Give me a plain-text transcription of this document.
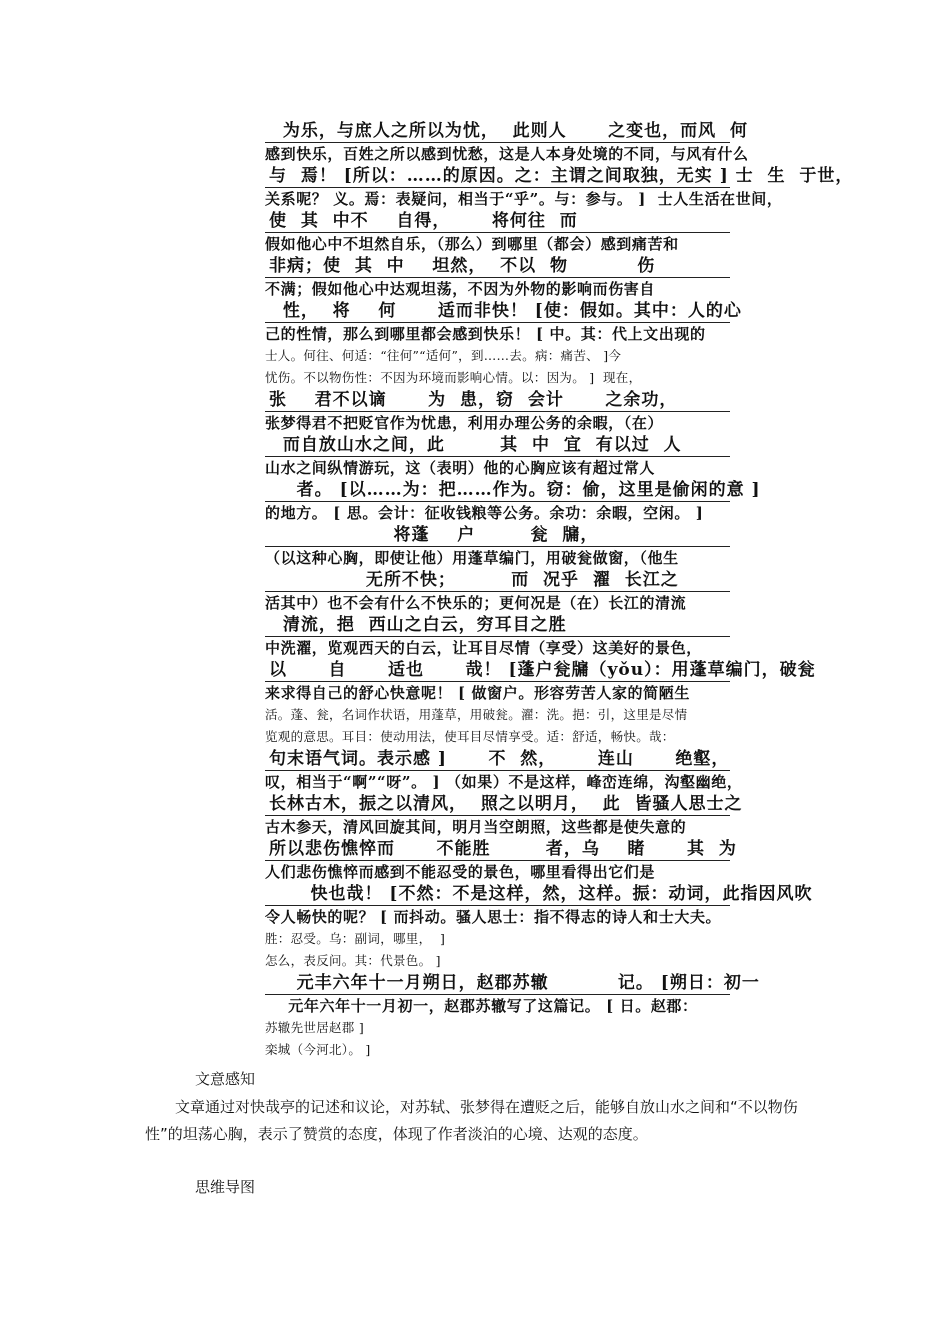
为乐，与庶人之所以为忧，  此则人      之变也，而风  何
感到快乐，百姓之所以感到忧愁，这是人本身处境的不同，与风有什么
与  焉！ [所以：……的原因。之：主谓之间取独，无实 ] 士  生  于世，
关系呢？ 义。焉：表疑问，相当于“乎”。与：参与。 ]  士人生活在世间，
使  其  中不    自得，      将何往  而
假如他心中不坦然自乐，（那么）到哪里（都会）感到痛苦和
非病；使  其  中    坦然，  不以  物          伤
不满；假如他心中达观坦荡，不因为外物的影响而伤害自
性，  将    何      适而非快！ [使：假如。其中：人的心
己的性情，那么到哪里都会感到快乐！ [ 中。其：代上文出现的
士人。何往、何适：“往何”“适何”，到……去。病：痛苦、 ]今
忧伤。不以物伤性：不因为环境而影响心情。以：因为。 ]  现在，
张    君不以谪      为  患，窃  会计      之余功，
张梦得君不把贬官作为忧患，利用办理公务的余暇，（在）
而自放山水之间，此        其  中  宜  有以过  人
山水之间纵情游玩，这（表明）他的心胸应该有超过常人
者。 [以……为：把……作为。窃：偷，这里是偷闲的意 ]
的地方。 [ 思。会计：征收钱粮等公务。余功：余暇，空闲。 ]
将蓬    户        瓮  牖，
（以这种心胸，即使让他）用蓬草编门，用破瓮做窗，（他生
无所不快；        而  况乎  濯  长江之
活其中）也不会有什么不快乐的；更何况是（在）长江的清流
清流，挹  西山之白云，穷耳目之胜
中洗濯，览观西天的白云，让耳目尽情（享受）这美好的景色，
以      自      适也      哉！ [蓬户瓮牖（yǒu）：用蓬草编门，破瓮
来求得自己的舒心快意呢！ [ 做窗户。形容劳苦人家的简陋生
活。蓬、瓮，名词作状语，用蓬草，用破瓮。濯：洗。挹：引，这里是尽情
览观的意思。耳目：使动用法，使耳目尽情享受。适：舒适，畅快。哉：
句末语气词。表示感 ]      不  然，      连山      绝壑，
叹，相当于“啊”“呀”。 ] （如果）不是这样，峰峦连绵，沟壑幽绝，
长林古木，振之以清风，  照之以明月，  此  皆骚人思士之
古木参天，清风回旋其间，明月当空朗照，这些都是使失意的
所以悲伤憔悴而      不能胜        者，乌    睹      其  为
人们悲伤憔悴而感到不能忍受的景色，哪里看得出它们是
快也哉！ [不然：不是这样，然，这样。振：动词，此指因风吹
令人畅快的呢？ [ 而抖动。骚人思士：指不得志的诗人和士大夫。
胜：忍受。乌：副词，哪里，  ]
怎么，表反问。其：代景色。 ]
元丰六年十一月朔日，赵郡苏辙          记。 [朔日：初一
元年六年十一月初一，赵郡苏辙写了这篇记。 [ 日。赵郡：
苏辙先世居赵郡 ]
栾城（今河北）。 ]
文意感知
文章通过对快哉亭的记述和议论，对苏轼、张梦得在遭贬之后，能够自放山水之间和“不以物伤性”的坦荡心胸，表示了赞赏的态度，体现了作者淡泊的心境、达观的态度。
思维导图
